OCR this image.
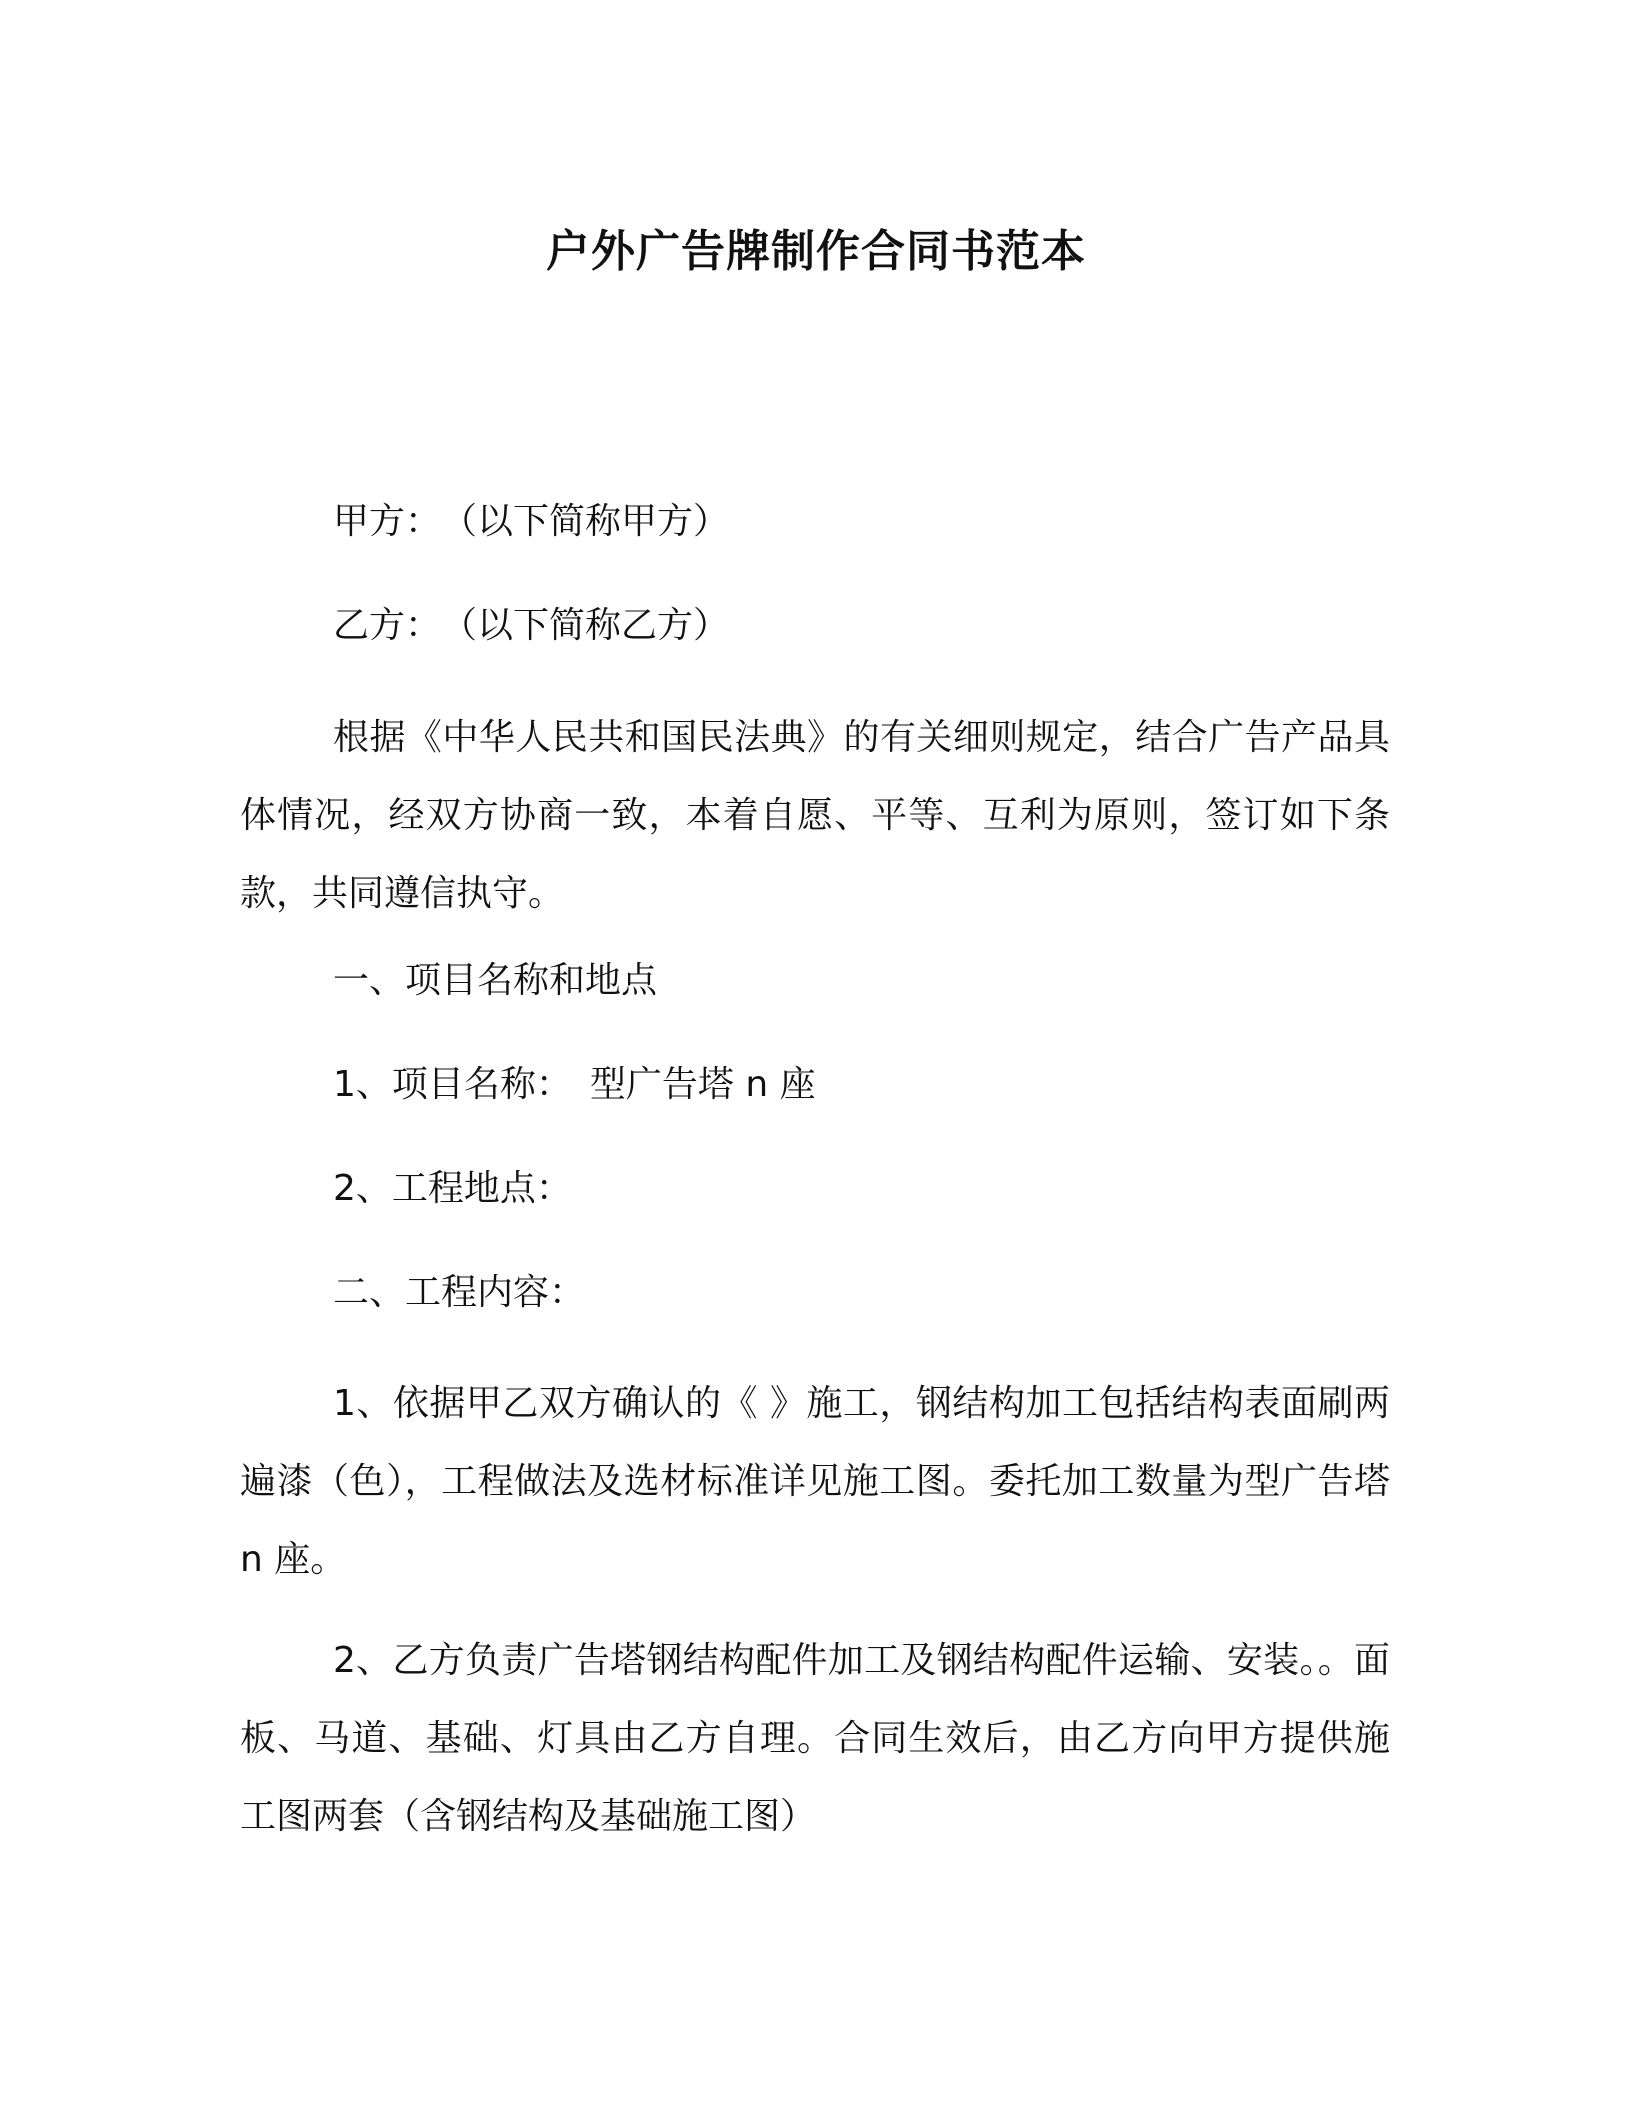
户外广告牌制作合同书范本
甲方：　（以下简称甲方）
乙方：　（以下简称乙方）
根据《中华人民共和国民法典》的有关细则规定，结合广告产品具体情况，经双方协商一致，本着自愿、平等、互利为原则，签订如下条款，共同遵信执守。
一、项目名称和地点
1、项目名称：　型广告塔 n 座
2、工程地点：
二、工程内容：
1、依据甲乙双方确认的《 》施工，钢结构加工包括结构表面刷两遍漆（色），工程做法及选材标准详见施工图。委托加工数量为型广告塔 n 座。
2、乙方负责广告塔钢结构配件加工及钢结构配件运输、安装。。面板、马道、基础、灯具由乙方自理。合同生效后，由乙方向甲方提供施工图两套（含钢结构及基础施工图）
